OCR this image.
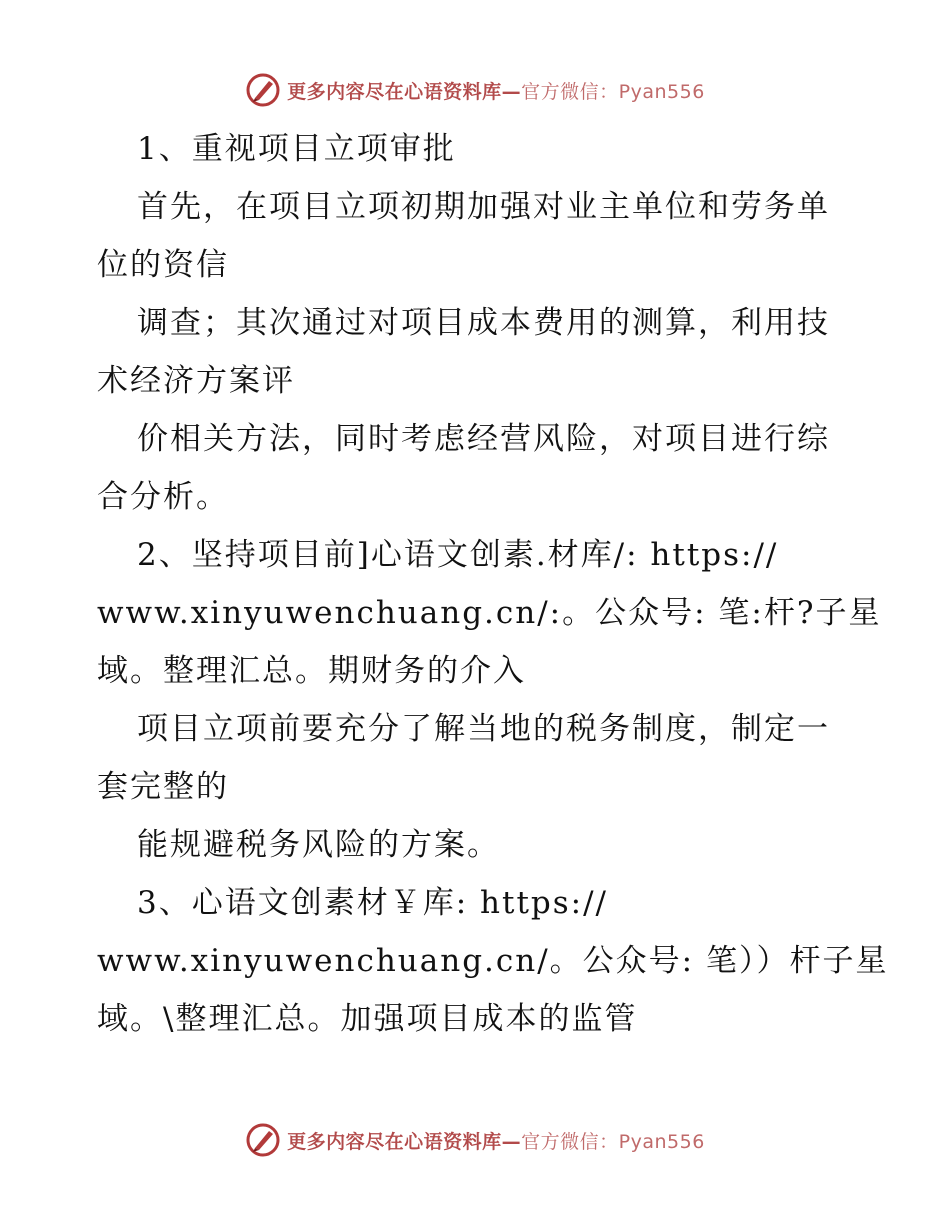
更多内容尽在心语资料库—官方微信：Pyan556
1、重视项目立项审批
首先，在项目立项初期加强对业主单位和劳务单
位的资信
调查；其次通过对项目成本费用的测算，利用技
术经济方案评
价相关方法，同时考虑经营风险，对项目进行综
合分析。
2、坚持项目前]心语文创素.材库/: https://
www.xinyuwenchuang.cn/:。公众号: 笔:杆?子星
域。整理汇总。期财务的介入
项目立项前要充分了解当地的税务制度，制定一
套完整的
能规避税务风险的方案。
3、心语文创素材￥库: https://
www.xinyuwenchuang.cn/。公众号: 笔））杆子星
域。\整理汇总。加强项目成本的监管
更多内容尽在心语资料库—官方微信：Pyan556
